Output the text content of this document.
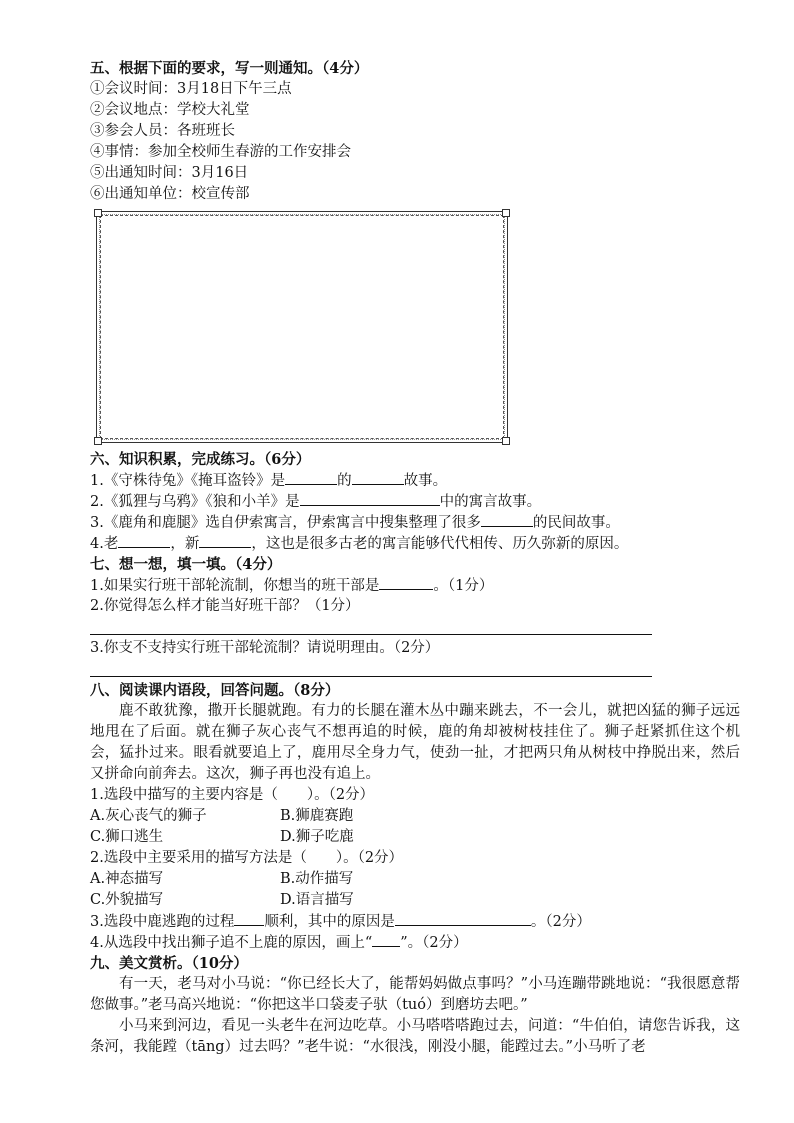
五、根据下面的要求，写一则通知。（4分）
①会议时间：3月18日下午三点
②会议地点：学校大礼堂
③参会人员：各班班长
④事情：参加全校师生春游的工作安排会
⑤出通知时间：3月16日
⑥出通知单位：校宣传部
六、知识积累，完成练习。（6分）
1.《守株待兔》《掩耳盗铃》是	的	故事。
2.《狐狸与乌鸦》《狼和小羊》是	中的寓言故事。
3.《鹿角和鹿腿》选自伊索寓言，伊索寓言中搜集整理了很多	的民间故事。
4.老	，新	，这也是很多古老的寓言能够代代相传、历久弥新的原因。
七、想一想，填一填。（4分）
1.如果实行班干部轮流制，你想当的班干部是	。（1分）
2.你觉得怎么样才能当好班干部？（1分）
3.你支不支持实行班干部轮流制？请说明理由。（2分）
八、阅读课内语段，回答问题。（8分）
鹿不敢犹豫，撒开长腿就跑。有力的长腿在灌木丛中蹦来跳去，不一会儿，就把凶猛的狮子远远地甩在了后面。就在狮子灰心丧气不想再追的时候，鹿的角却被树枝挂住了。狮子赶紧抓住这个机会，猛扑过来。眼看就要追上了，鹿用尽全身力气，使劲一扯，才把两只角从树枝中挣脱出来，然后又拼命向前奔去。这次，狮子再也没有追上。
1.选段中描写的主要内容是（　　）。（2分）
A.灰心丧气的狮子	B.狮鹿赛跑
C.狮口逃生	D.狮子吃鹿
2.选段中主要采用的描写方法是（　　）。（2分）
A.神态描写	B.动作描写
C.外貌描写	D.语言描写
3.选段中鹿逃跑的过程 顺利，其中的原因是	。（2分）
4.从选段中找出狮子追不上鹿的原因，画上“ ”。（2分）
九、美文赏析。（10分）
有一天，老马对小马说：“你已经长大了，能帮妈妈做点事吗？”小马连蹦带跳地说：“我很愿意帮您做事。”老马高兴地说：“你把这半口袋麦子驮（tuó）到磨坊去吧。”
小马来到河边，看见一头老牛在河边吃草。小马嗒嗒嗒跑过去，问道：“牛伯伯，请您告诉我，这条河，我能蹚（tāng）过去吗？”老牛说：“水很浅，刚没小腿，能蹚过去。”小马听了老
